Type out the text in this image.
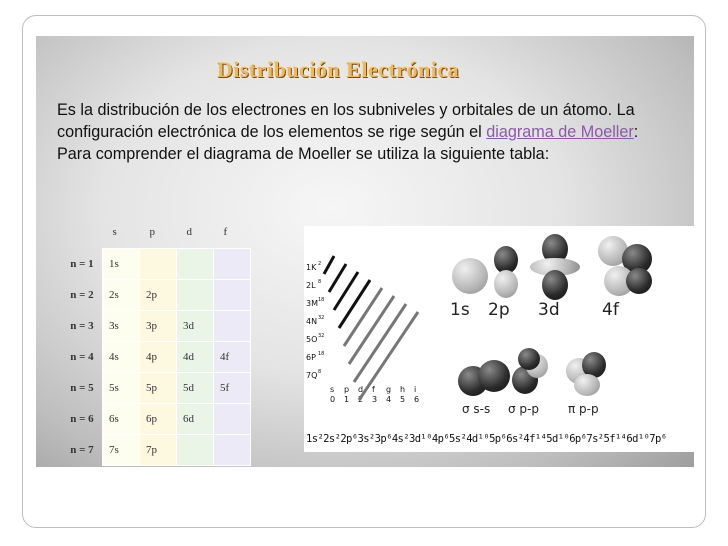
Distribución Electrónica

Es la distribución de los electrones en los subniveles y orbitales de un átomo. La configuración electrónica de los elementos se rige según el diagrama de Moeller:

Para comprender el diagrama de Moeller se utiliza la siguiente tabla:

	s	p	d	f
n = 1	1s			
n = 2	2s	2p		
n = 3	3s	3p	3d	
n = 4	4s	4p	4d	4f
n = 5	5s	5p	5d	5f
n = 6	6s	6p	6d	
n = 7	7s	7p		
1K 2
2L 8
3M 18
4N 32
5O 32
6P 18
7Q 8
s
0
p
1
d
2
f
3
g
4
h
5
i
6
1s 2p 3d 4f
σ s-s σ p-p π p-p
1s²2s²2p⁶3s²3p⁶4s²3d¹⁰4p⁶5s²4d¹⁰5p⁶6s²4f¹⁴5d¹⁰6p⁶7s²5f¹⁴6d¹⁰7p⁶
